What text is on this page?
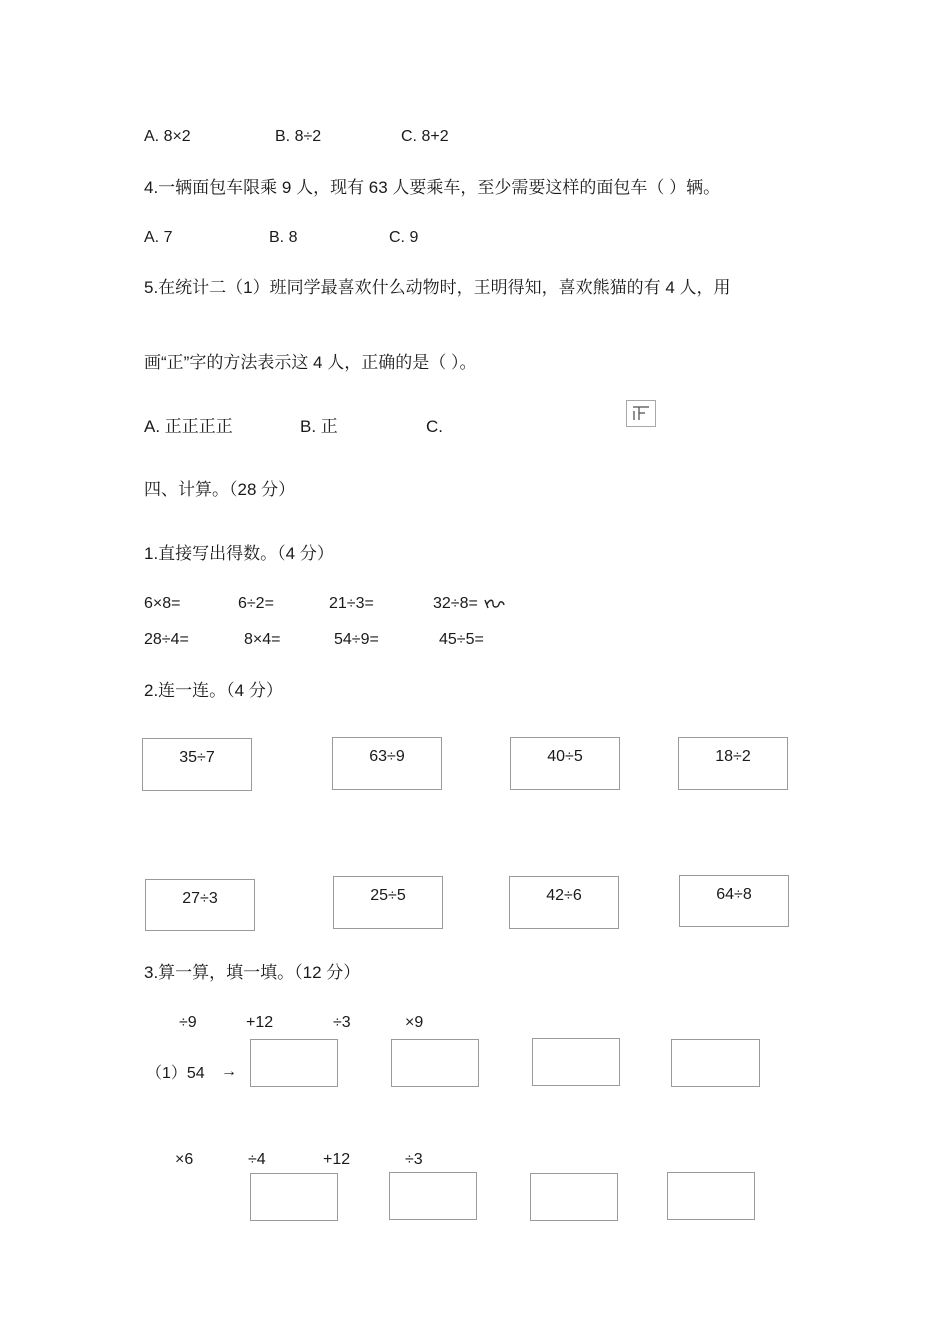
A. 8×2	B. 8÷2	C. 8+2
4.一辆面包车限乘 9 人，现有 63 人要乘车，至少需要这样的面包车（ ）辆。
A. 7	B. 8	C. 9
5.在统计二（1）班同学最喜欢什么动物时，王明得知，喜欢熊猫的有 4 人，用
画“正”字的方法表示这 4 人，正确的是（ ）。
A. 正正正正	B. 正	C.
四、计算。（28 分）
1.直接写出得数。（4 分）
6×8=	6÷2=	21÷3=	32÷8=
28÷4=	8×4=	54÷9=	45÷5=
2.连一连。（4 分）
35÷7	63÷9	40÷5	18÷2
27÷3	25÷5	42÷6	64÷8
3.算一算，填一填。（12 分）
÷9	+12	÷3	×9
（1）54 →
×6	÷4	+12	÷3
